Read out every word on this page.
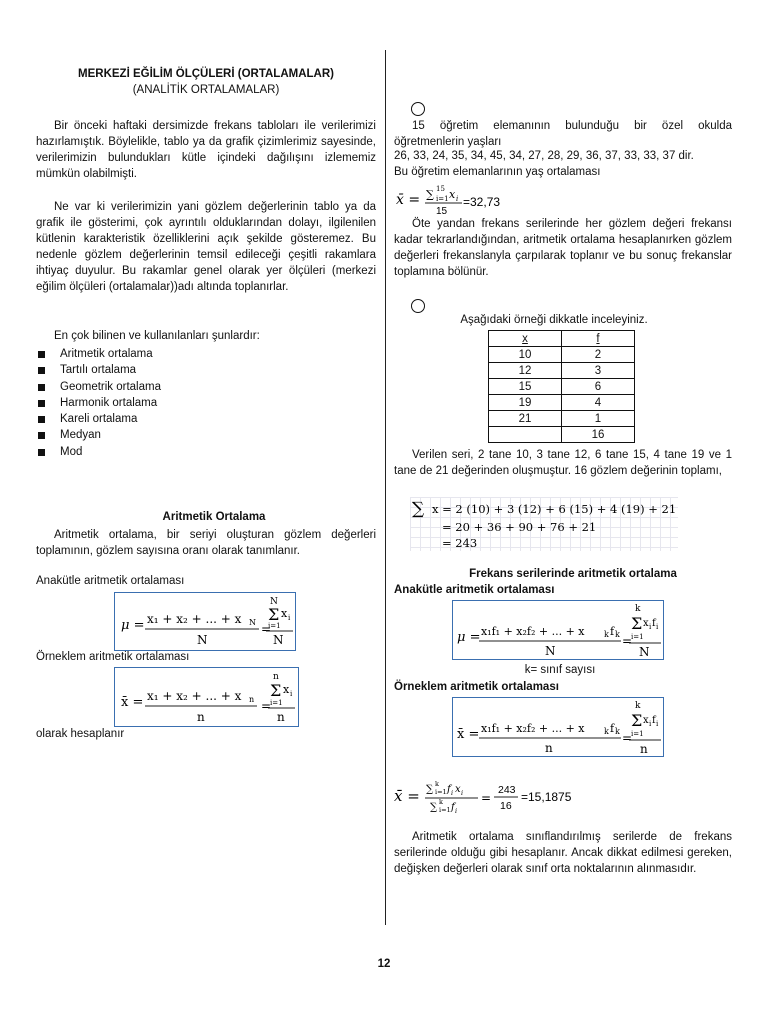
MERKEZİ EĞİLİM ÖLÇÜLERİ (ORTALAMALAR)
(ANALİTİK ORTALAMALAR)
Bir önceki haftaki dersimizde frekans tabloları ile verilerimizi hazırlamıştık. Böylelikle, tablo ya da grafik çizimlerimiz sayesinde, verilerimizin bulundukları kütle içindeki dağılışını izlememiz mümkün olabilmişti.
Ne var ki verilerimizin yani gözlem değerlerinin tablo ya da grafik ile gösterimi, çok ayrıntılı olduklarından dolayı, ilgilenilen kütlenin karakteristik özelliklerini açık şekilde gösteremez. Bu nedenle gözlem değerlerinin temsil edileceği çeşitli rakamlara ihtiyaç duyulur. Bu rakamlar genel olarak yer ölçüleri (merkezi eğilim ölçüleri (ortalamalar))adı altında toplanırlar.
En çok bilinen ve kullanılanları şunlardır:
Aritmetik ortalama
Tartılı ortalama
Geometrik ortalama
Harmonik ortalama
Kareli ortalama
Medyan
Mod
Aritmetik Ortalama
Aritmetik ortalama, bir seriyi oluşturan gözlem değerleri toplamının, gözlem sayısına oranı olarak tanımlanır.
Anakütle aritmetik ortalaması
μ = x₁ + x₂ + ... + x N
N
=
N
Σ x i
i=1
N
Örneklem aritmetik ortalaması
x̄ = x₁ + x₂ + ... + x n
n
=
n
Σ x i
i=1
n
olarak hesaplanır
15 öğretim elemanının bulunduğu bir özel okulda öğretmenlerin yaşları
26, 33, 24, 35, 34, 45, 34, 27, 28, 29, 36, 37, 33, 33, 37 dir.
Bu öğretim elemanlarının yaş ortalaması
x̄ = ∑ 15
i=1 x i
15
=32,73
Öte yandan frekans serilerinde her gözlem değeri frekansı kadar tekrarlandığından, aritmetik ortalama hesaplanırken gözlem değerleri frekanslanyla çarpılarak toplanır ve bu sonuç frekanslar toplamına bölünür.
Aşağıdaki örneği dikkatle inceleyiniz.
x	f
10	2
12	3
15	6
19	4
21	1
	16
Verilen seri, 2 tane 10, 3 tane 12, 6 tane 15, 4 tane 19 ve 1 tane de 21 değerinden oluşmuştur. 16 gözlem değerinin toplamı,
∑ x = 2 (10) + 3 (12) + 6 (15) + 4 (19) + 21
= 20 + 36 + 90 + 76 + 21
= 243
Frekans serilerinde aritmetik ortalama
Anakütle aritmetik ortalaması
μ = x₁f₁ + x₂f₂ + ... + x k f k
N
=
k
Σ x i f i
i=1
N
k= sınıf sayısı
Örneklem aritmetik ortalaması
x̄ = x₁f₁ + x₂f₂ + ... + x k f k
n
=
k
Σ x i f i
i=1
n
x̄ = ∑ k
i=1 f i x i
∑ k
i=1 f i
=
243
16
=15,1875
Aritmetik ortalama sınıflandırılmış serilerde de frekans serilerinde olduğu gibi hesaplanır. Ancak dikkat edilmesi gereken, değişken değerleri olarak sınıf orta noktalarının alınmasıdır.
12
